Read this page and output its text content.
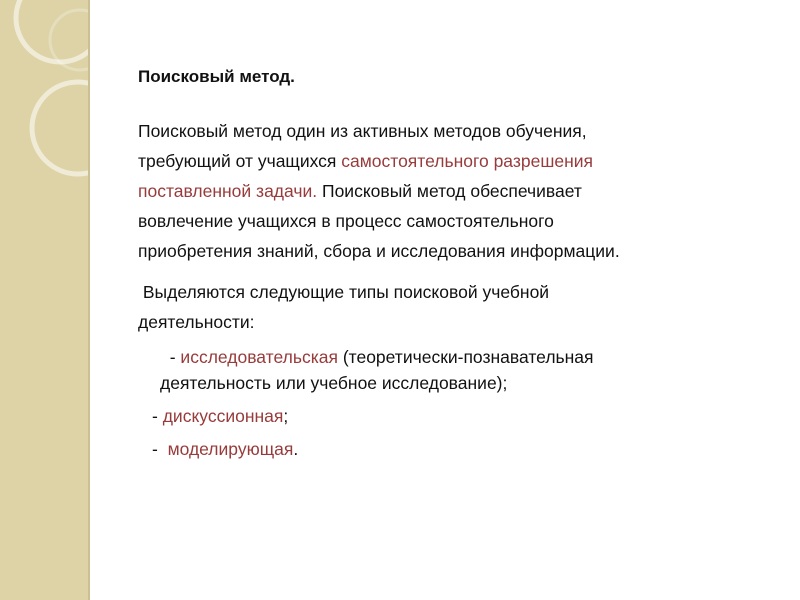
Поисковый метод.
Поисковый метод один из активных методов обучения,
требующий от учащихся самостоятельного разрешения
поставленной задачи. Поисковый метод обеспечивает
вовлечение учащихся в процесс самостоятельного
приобретения знаний, сбора и исследования информации.
Выделяются следующие типы поисковой учебной
деятельности:
- исследовательская (теоретически-познавательная
деятельность или учебное исследование);
- дискуссионная;
-  моделирующая.
